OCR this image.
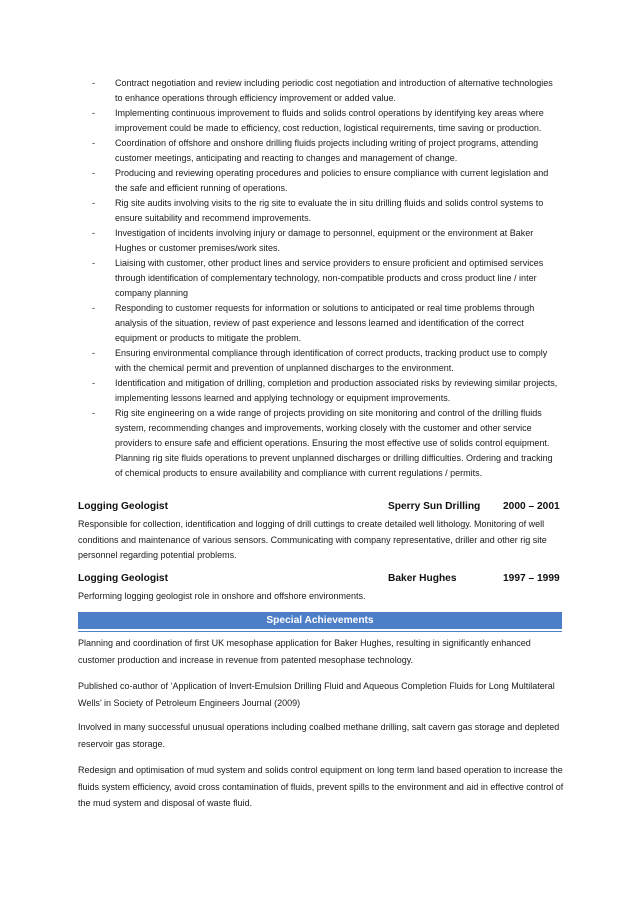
-	Contract negotiation and review including periodic cost negotiation and introduction of alternative technologies to enhance operations through efficiency improvement or added value.
-	Implementing continuous improvement to fluids and solids control operations by identifying key areas where improvement could be made to efficiency, cost reduction, logistical requirements, time saving or production.
-	Coordination of offshore and onshore drilling fluids projects including writing of project programs, attending customer meetings, anticipating and reacting to changes and management of change.
-	Producing and reviewing operating procedures and policies to ensure compliance with current legislation and the safe and efficient running of operations.
-	Rig site audits involving visits to the rig site to evaluate the in situ drilling fluids and solids control systems to ensure suitability and recommend improvements.
-	Investigation of incidents involving injury or damage to personnel, equipment or the environment at Baker Hughes or customer premises/work sites.
-	Liaising with customer, other product lines and service providers to ensure proficient and optimised services through identification of complementary technology, non-compatible products and cross product line / inter company planning
-	Responding to customer requests for information or solutions to anticipated or real time problems through analysis of the situation, review of past experience and lessons learned and identification of the correct equipment or products to mitigate the problem.
-	Ensuring environmental compliance through identification of correct products, tracking product use to comply with the chemical permit and prevention of unplanned discharges to the environment.
-	Identification and mitigation of drilling, completion and production associated risks by reviewing similar projects, implementing lessons learned and applying technology or equipment improvements.
-	Rig site engineering on a wide range of projects providing on site monitoring and control of the drilling fluids system, recommending changes and improvements, working closely with the customer and other service providers to ensure safe and efficient operations. Ensuring the most effective use of solids control equipment. Planning rig site fluids operations to prevent unplanned discharges or drilling difficulties. Ordering and tracking of chemical products to ensure availability and compliance with current regulations / permits.
Logging Geologist	Sperry Sun Drilling 2000 – 2001
Responsible for collection, identification and logging of drill cuttings to create detailed well lithology. Monitoring of well conditions and maintenance of various sensors. Communicating with company representative, driller and other rig site personnel regarding potential problems.
Logging Geologist	Baker Hughes	1997 – 1999
Performing logging geologist role in onshore and offshore environments.
Special Achievements
Planning and coordination of first UK mesophase application for Baker Hughes, resulting in significantly enhanced customer production and increase in revenue from patented mesophase technology.
Published co-author of ‘Application of Invert-Emulsion Drilling Fluid and Aqueous Completion Fluids for Long Multilateral Wells’ in Society of Petroleum Engineers Journal (2009)
Involved in many successful unusual operations including coalbed methane drilling, salt cavern gas storage and depleted reservoir gas storage.
Redesign and optimisation of mud system and solids control equipment on long term land based operation to increase the fluids system efficiency, avoid cross contamination of fluids, prevent spills to the environment and aid in effective control of the mud system and disposal of waste fluid.
